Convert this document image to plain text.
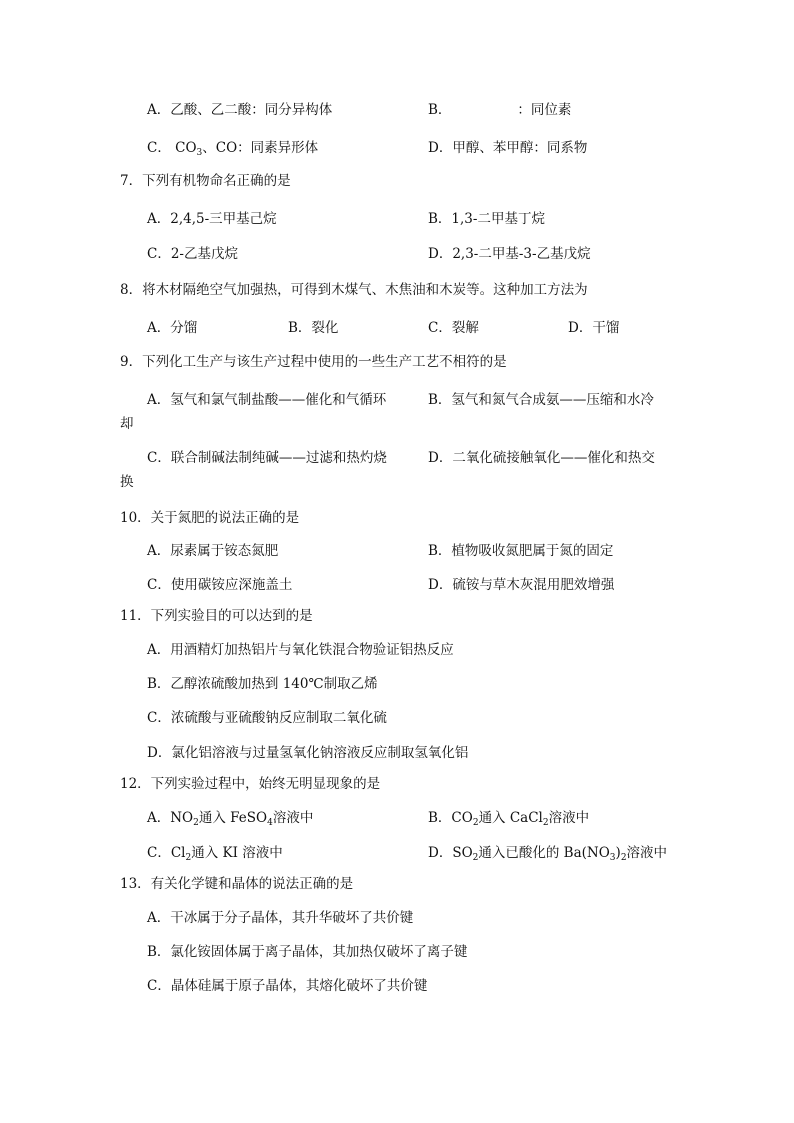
A．乙酸、乙二酸：同分异构体	B．	：同位素
C． $CO_3$、CO：同素异形体	D．甲醇、苯甲醇：同系物
7．下列有机物命名正确的是
A．2,4,5-三甲基己烷	B．1,3-二甲基丁烷
C．2-乙基戊烷	D．2,3-二甲基-3-乙基戊烷
8．将木材隔绝空气加强热，可得到木煤气、木焦油和木炭等。这种加工方法为
A．分馏	B．裂化	C．裂解	D．干馏
9．下列化工生产与该生产过程中使用的一些生产工艺不相符的是
A．氢气和氯气制盐酸——催化和气循环	B．氢气和氮气合成氨——压缩和水冷
却
C．联合制碱法制纯碱——过滤和热灼烧	D．二氧化硫接触氧化——催化和热交
换
10．关于氮肥的说法正确的是
A．尿素属于铵态氮肥	B．植物吸收氮肥属于氮的固定
C．使用碳铵应深施盖土	D．硫铵与草木灰混用肥效增强
11．下列实验目的可以达到的是
A．用酒精灯加热铝片与氧化铁混合物验证铝热反应
B．乙醇浓硫酸加热到 140℃制取乙烯
C．浓硫酸与亚硫酸钠反应制取二氧化硫
D．氯化铝溶液与过量氢氧化钠溶液反应制取氢氧化铝
12．下列实验过程中，始终无明显现象的是
A．$NO_2$通入 FeSO$_4$溶液中	B．$CO_2$通入 CaCl$_2$溶液中
C．$Cl_2$通入 KI 溶液中	D．$SO_2$通入已酸化的 $Ba(NO_3)_2$溶液中
13．有关化学键和晶体的说法正确的是
A．干冰属于分子晶体，其升华破坏了共价键
B．氯化铵固体属于离子晶体，其加热仅破坏了离子键
C．晶体硅属于原子晶体，其熔化破坏了共价键
